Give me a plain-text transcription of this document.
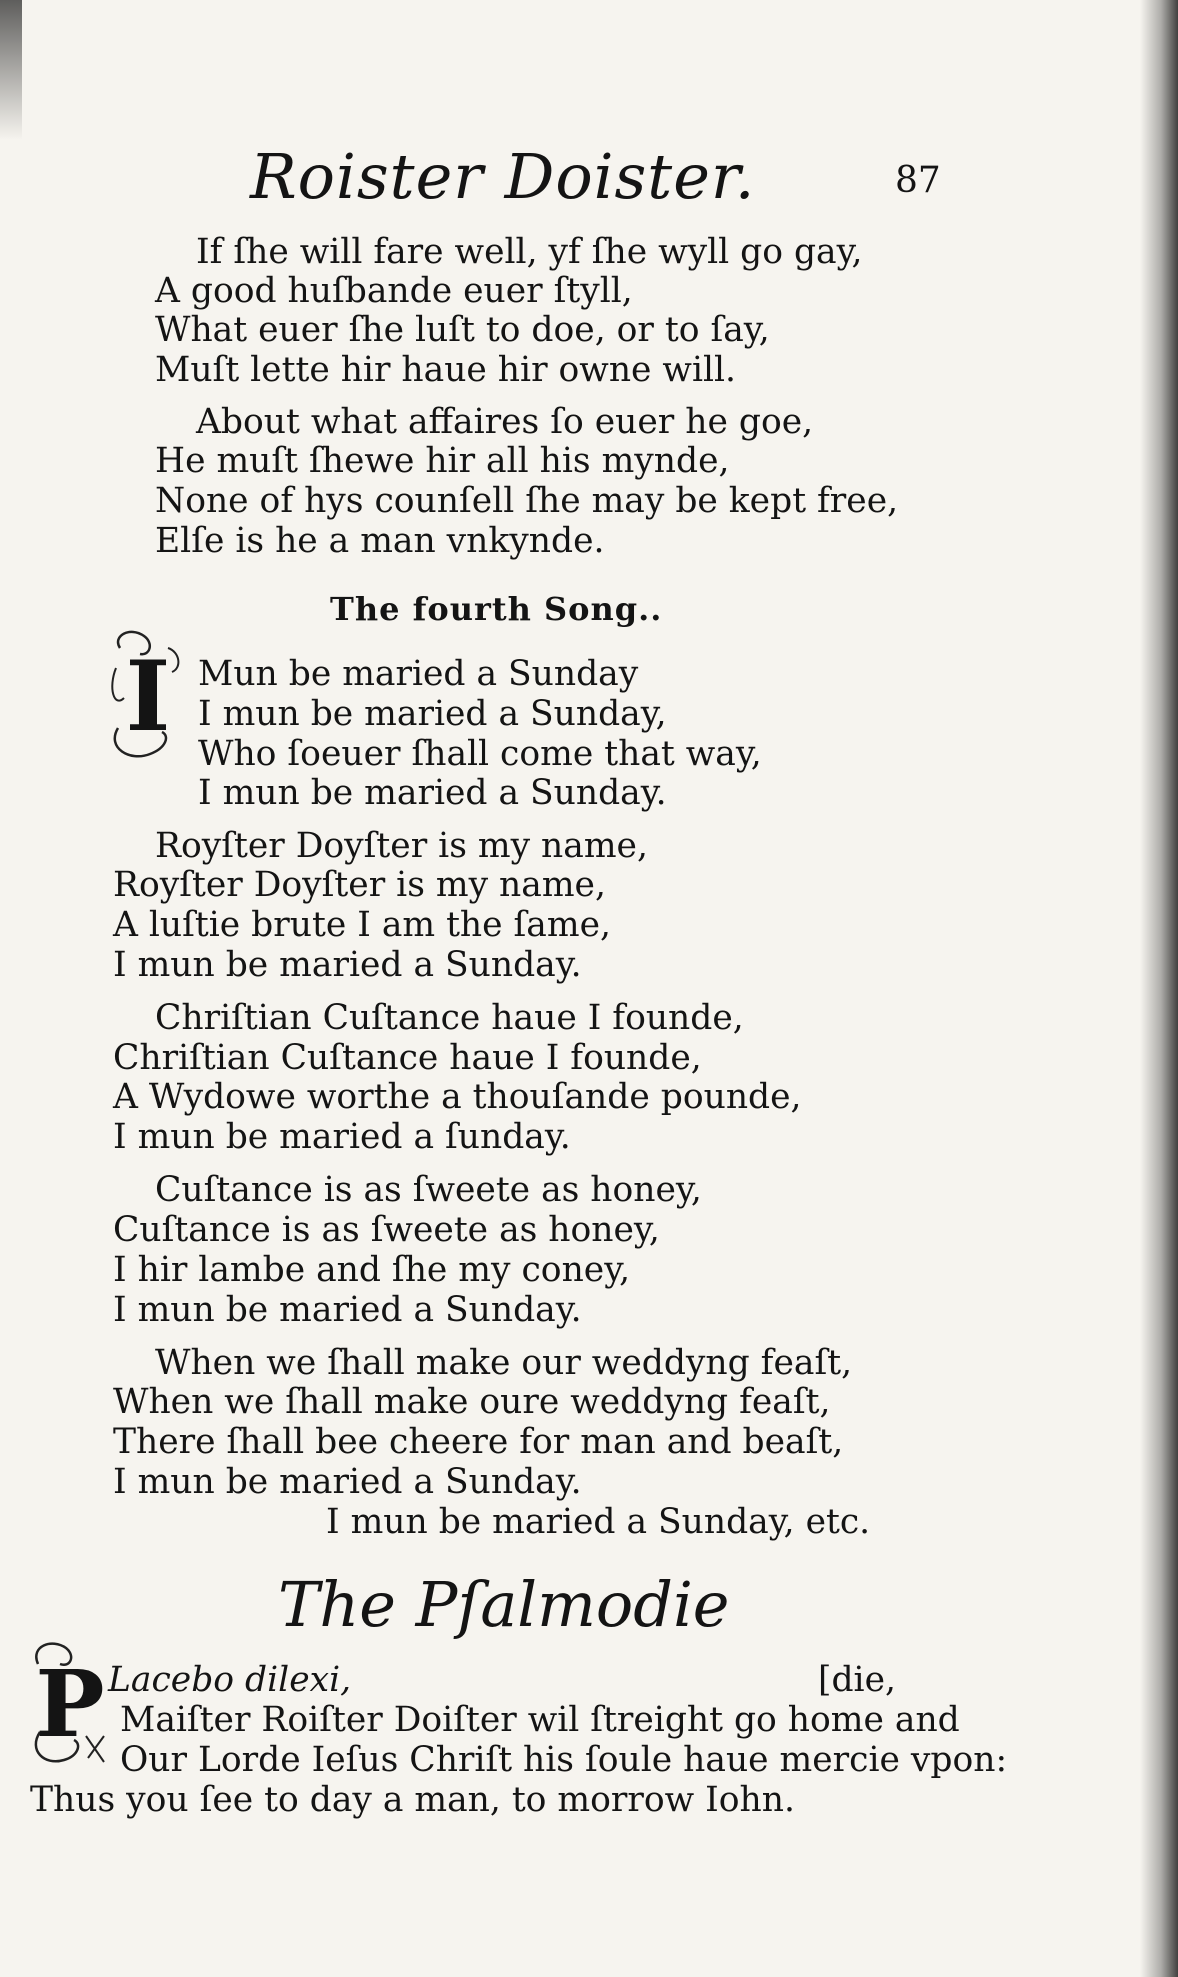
Roister Doister.	87
If ſhe will fare well, yf ſhe wyll go gay,
A good huſbande euer ſtyll,
What euer ſhe luſt to doe, or to ſay,
Muſt lette hir haue hir owne will.
About what affaires ſo euer he goe,
He muſt ſhewe hir all his mynde,
None of hys counſell ſhe may be kept free,
Elſe is he a man vnkynde.
The fourth Song..
I Mun be maried a Sunday
I mun be maried a Sunday,
Who ſoeuer ſhall come that way,
I mun be maried a Sunday.
Royſter Doyſter is my name,
Royſter Doyſter is my name,
A luſtie brute I am the ſame,
I mun be maried a Sunday.
Chriſtian Cuſtance haue I founde,
Chriſtian Cuſtance haue I founde,
A Wydowe worthe a thouſande pounde,
I mun be maried a ſunday.
Cuſtance is as ſweete as honey,
Cuſtance is as ſweete as honey,
I hir lambe and ſhe my coney,
I mun be maried a Sunday.
When we ſhall make our weddyng feaſt,
When we ſhall make oure weddyng feaſt,
There ſhall bee cheere for man and beaſt,
I mun be maried a Sunday.
I mun be maried a Sunday, etc.
The Pſalmodie
P Lacebo dilexi,	[die,
Maiſter Roiſter Doiſter wil ſtreight go home and
Our Lorde Ieſus Chriſt his ſoule haue mercie vpon:
Thus you ſee to day a man, to morrow Iohn.
